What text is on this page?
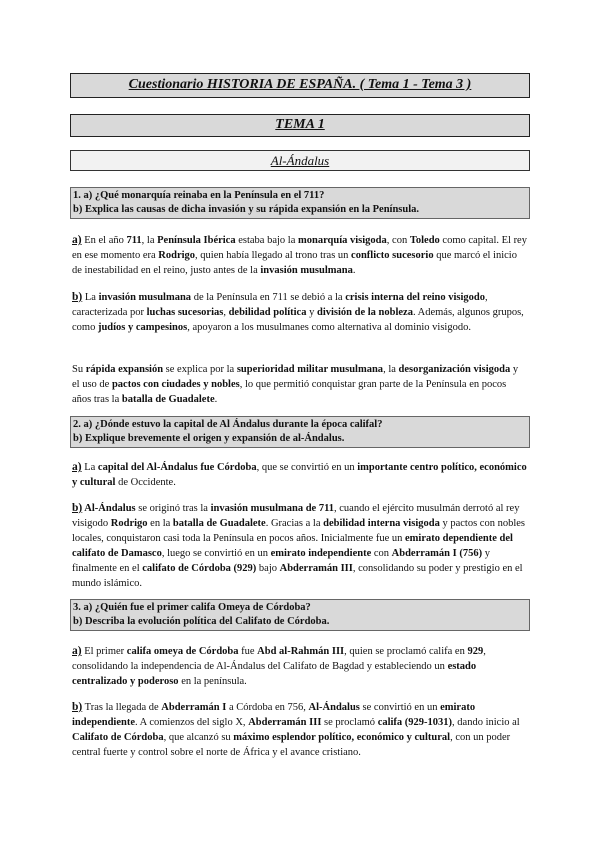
Cuestionario HISTORIA DE ESPAÑA. ( Tema 1 - Tema 3 )
TEMA 1
Al-Ándalus
1. a) ¿Qué monarquía reinaba en la Península en el 711?
b) Explica las causas de dicha invasión y su rápida expansión en la Península.
a) En el año 711, la Península Ibérica estaba bajo la monarquía visigoda, con Toledo como capital. El rey en ese momento era Rodrigo, quien había llegado al trono tras un conflicto sucesorio que marcó el inicio de inestabilidad en el reino, justo antes de la invasión musulmana.
b) La invasión musulmana de la Península en 711 se debió a la crisis interna del reino visigodo, caracterizada por luchas sucesorias, debilidad política y división de la nobleza. Además, algunos grupos, como judíos y campesinos, apoyaron a los musulmanes como alternativa al dominio visigodo.
Su rápida expansión se explica por la superioridad militar musulmana, la desorganización visigoda y el uso de pactos con ciudades y nobles, lo que permitió conquistar gran parte de la Península en pocos años tras la batalla de Guadalete.
2. a) ¿Dónde estuvo la capital de Al Ándalus durante la época califal?
b) Explique brevemente el origen y expansión de al-Ándalus.
a) La capital del Al-Ándalus fue Córdoba, que se convirtió en un importante centro político, económico y cultural de Occidente.
b) Al-Ándalus se originó tras la invasión musulmana de 711, cuando el ejército musulmán derrotó al rey visigodo Rodrigo en la batalla de Guadalete. Gracias a la debilidad interna visigoda y pactos con nobles locales, conquistaron casi toda la Península en pocos años. Inicialmente fue un emirato dependiente del califato de Damasco, luego se convirtió en un emirato independiente con Abderramán I (756) y finalmente en el califato de Córdoba (929) bajo Abderramán III, consolidando su poder y prestigio en el mundo islámico.
3. a) ¿Quién fue el primer califa Omeya de Córdoba?
b) Describa la evolución política del Califato de Córdoba.
a) El primer califa omeya de Córdoba fue Abd al-Rahmán III, quien se proclamó califa en 929, consolidando la independencia de Al-Ándalus del Califato de Bagdad y estableciendo un estado centralizado y poderoso en la península.
b) Tras la llegada de Abderramán I a Córdoba en 756, Al-Ándalus se convirtió en un emirato independiente. A comienzos del siglo X, Abderramán III se proclamó califa (929-1031), dando inicio al Califato de Córdoba, que alcanzó su máximo esplendor político, económico y cultural, con un poder central fuerte y control sobre el norte de África y el avance cristiano.
